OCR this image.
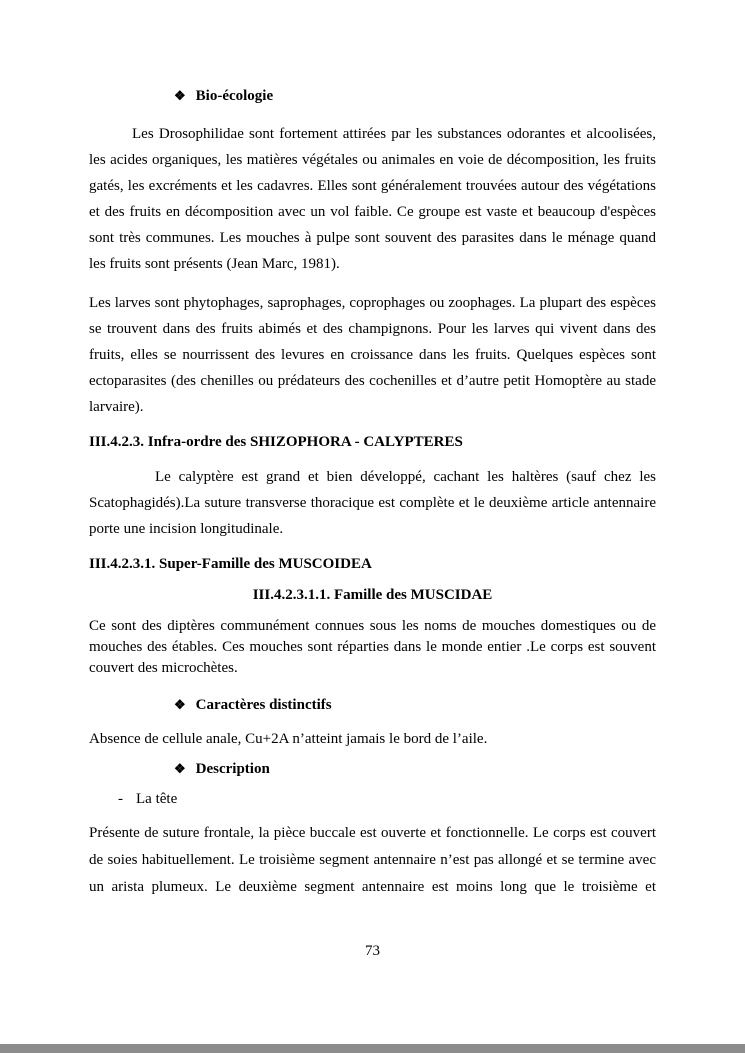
❖ Bio-écologie

Les Drosophilidae sont fortement attirées par les substances odorantes et alcoolisées, les acides organiques, les matières végétales ou animales en voie de décomposition, les fruits gatés, les excréments et les cadavres. Elles sont généralement trouvées autour des végétations et des fruits en décomposition avec un vol faible. Ce groupe est vaste et beaucoup d'espèces sont très communes. Les mouches à pulpe sont souvent des parasites dans le ménage quand les fruits sont présents (Jean Marc, 1981).

Les larves sont phytophages, saprophages, coprophages ou zoophages. La plupart des espèces se trouvent dans des fruits abimés et des champignons. Pour les larves qui vivent dans des fruits, elles se nourrissent des levures en croissance dans les fruits. Quelques espèces sont ectoparasites (des chenilles ou prédateurs des cochenilles et d’autre petit Homoptère au stade larvaire).

III.4.2.3. Infra-ordre des SHIZOPHORA - CALYPTERES

Le calyptère est grand et bien développé, cachant les haltères (sauf chez les Scatophagidés).La suture transverse thoracique est complète et le deuxième article antennaire porte une incision longitudinale.

III.4.2.3.1. Super-Famille des MUSCOIDEA
III.4.2.3.1.1. Famille des MUSCIDAE

Ce sont des diptères communément connues sous les noms de mouches domestiques ou de mouches des étables. Ces mouches sont réparties dans le monde entier .Le corps est souvent couvert des microchètes.

❖ Caractères distinctifs

Absence de cellule anale, Cu+2A n’atteint jamais le bord de l’aile.

❖ Description
- La tête

Présente de suture frontale, la pièce buccale est ouverte et fonctionnelle. Le corps est couvert de soies habituellement. Le troisième segment antennaire n’est pas allongé et se termine avec un arista plumeux. Le deuxième segment antennaire est moins long que le troisième et

73
